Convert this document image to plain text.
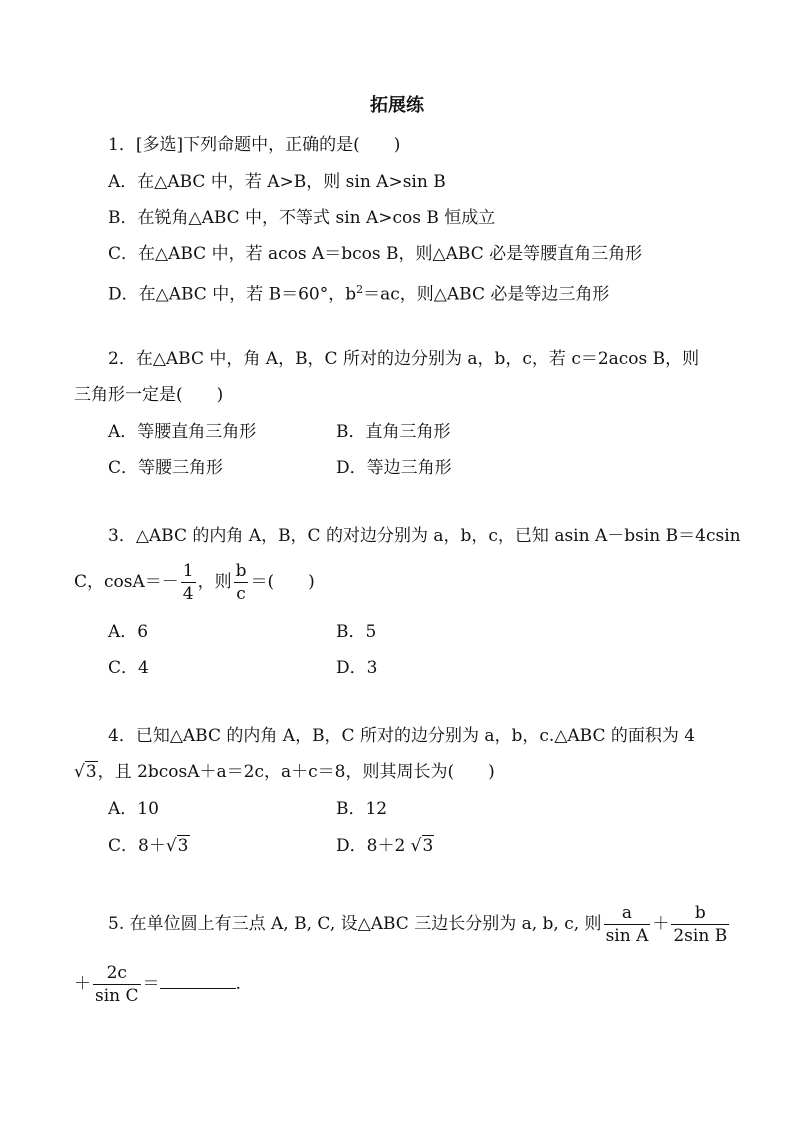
拓展练
1．[多选]下列命题中，正确的是(　　)
A．在△ABC 中，若 A>B，则 sin A>sin B
B．在锐角△ABC 中，不等式 sin A>cos B 恒成立
C．在△ABC 中，若 acos A＝bcos B，则△ABC 必是等腰直角三角形
D．在△ABC 中，若 B＝60°，$b^2=ac$，则△ABC 必是等边三角形
2．在△ABC 中，角 A，B，C 所对的边分别为 a，b，c，若 c＝2acos B，则
三角形一定是(　　)
A．等腰直角三角形	B．直角三角形
C．等腰三角形	D．等边三角形
3．△ABC 的内角 A，B，C 的对边分别为 a，b，c，已知 asin A－bsin B＝4csin
C，$\cos A=- \frac{1}{4}$ ，则 $\frac{b}{c}$ ＝(　　)
A．6	B．5
C．4	D．3
4．已知△ABC 的内角 A，B，C 所对的边分别为 a，b，c.△ABC 的面积为 4
√3，且 2bcosA＋a＝2c，a＋c＝8，则其周长为(　　)
A．10	B．12
C．8＋√3	D．8＋2 √3
5. 在单位圆上有三点 A, B, C, 设△ABC 三边长分别为 a, b, c, 则 $\frac{a}{\text{sin A}} + \frac{b}{\text{2sin B}}$
＋ $\frac{2c}{\text{sin C}}$ ＝	.
